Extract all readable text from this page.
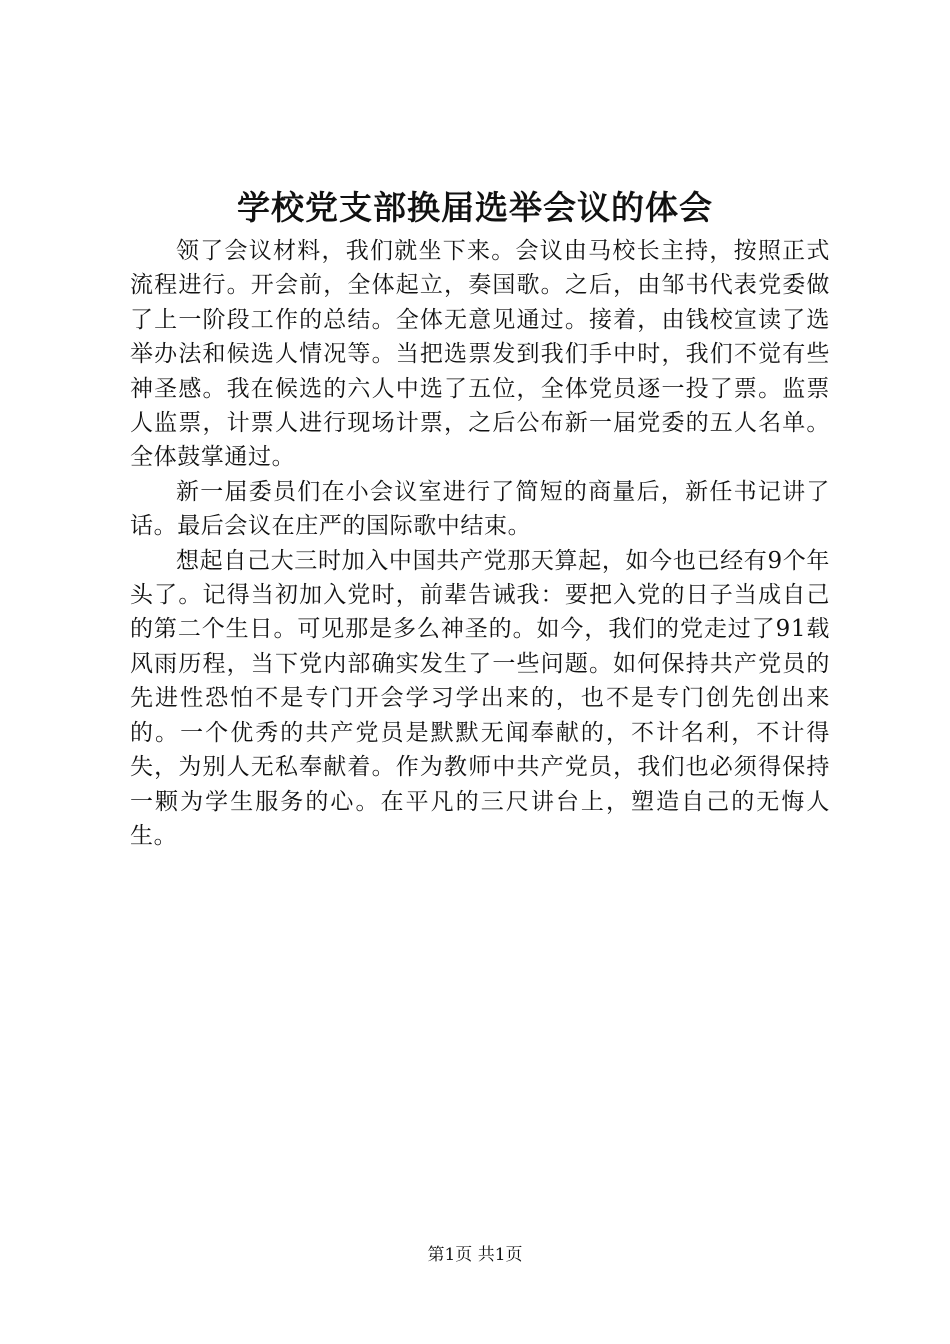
学校党支部换届选举会议的体会

领了会议材料，我们就坐下来。会议由马校长主持，按照正式流程进行。开会前，全体起立，奏国歌。之后，由邹书代表党委做了上一阶段工作的总结。全体无意见通过。接着，由钱校宣读了选举办法和候选人情况等。当把选票发到我们手中时，我们不觉有些神圣感。我在候选的六人中选了五位，全体党员逐一投了票。监票人监票，计票人进行现场计票，之后公布新一届党委的五人名单。全体鼓掌通过。

新一届委员们在小会议室进行了简短的商量后，新任书记讲了话。最后会议在庄严的国际歌中结束。

想起自己大三时加入中国共产党那天算起，如今也已经有9个年头了。记得当初加入党时，前辈告诫我：要把入党的日子当成自己的第二个生日。可见那是多么神圣的。如今，我们的党走过了91载风雨历程，当下党内部确实发生了一些问题。如何保持共产党员的先进性恐怕不是专门开会学习学出来的，也不是专门创先创出来的。一个优秀的共产党员是默默无闻奉献的，不计名利，不计得失，为别人无私奉献着。作为教师中共产党员，我们也必须得保持一颗为学生服务的心。在平凡的三尺讲台上，塑造自己的无悔人生。

第1页 共1页
